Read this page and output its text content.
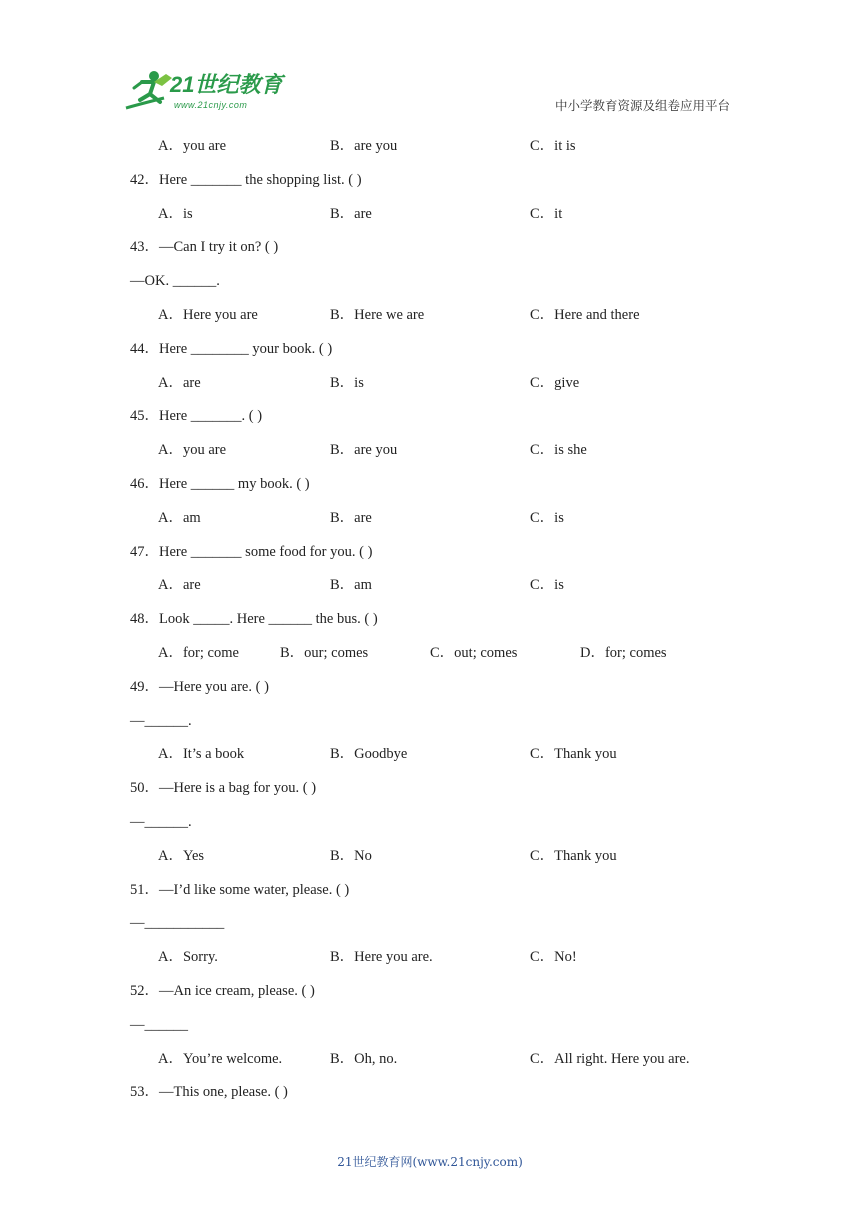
21世纪教育
www.21cnjy.com	中小学教育资源及组卷应用平台
A．you are	B．are you	C．it is
42．Here _______ the shopping list. ( )
A．is	B．are	C．it
43．—Can I try it on? ( )
—OK. ______.
A．Here you are	B．Here we are	C．Here and there
44．Here ________ your book. ( )
A．are	B．is	C．give
45．Here _______. ( )
A．you are	B．are you	C．is she
46．Here ______ my book. ( )
A．am	B．are	C．is
47．Here _______ some food for you. ( )
A．are	B．am	C．is
48．Look _____. Here ______ the bus. ( )
A．for; come	B．our; comes	C．out; comes	D．for; comes
49．—Here you are. ( )
—______.
A．It’s a book	B．Goodbye	C．Thank you
50．—Here is a bag for you. ( )
—______.
A．Yes	B．No	C．Thank you
51．—I’d like some water, please. ( )
—___________
A．Sorry.	B．Here you are.	C．No!
52．—An ice cream, please. ( )
—______
A．You’re welcome.	B．Oh, no.	C．All right. Here you are.
53．—This one, please. ( )
21世纪教育网(www.21cnjy.com)
